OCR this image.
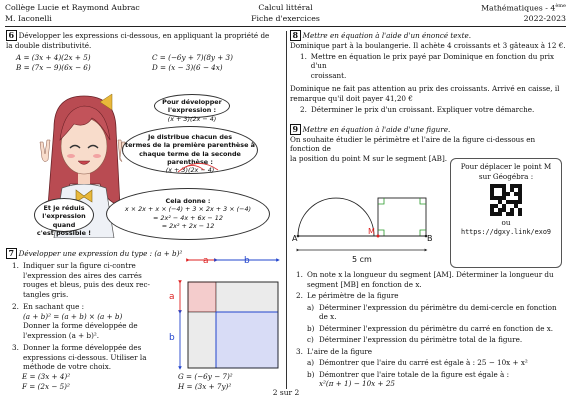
Collège Lucie et Raymond Aubrac
M. Iaconelli
Calcul littéral
Fiche d'exercices
Mathématiques - 4ème
2022-2023
6 Développer les expressions ci-dessous, en appliquant la propriété de la double distributivité.
A = (3x + 4)(2x + 5)	C = (−6y + 7)(8y + 3)
B = (7x − 9)(6x − 6)	D = (x − 3)(6 − 4x)
Pour développer l'expression :
(x + 3)(2x − 4)
Je distribue chacun des
termes de la première parenthèse à
chaque terme de la seconde parenthèse :
(x + 3)(2x − 4)
Et je réduis
l'expression quand
c'est possible !
Cela donne :
x × 2x + x × (−4) + 3 × 2x + 3 × (−4)
= 2x² − 4x + 6x − 12
= 2x² + 2x − 12
7 Développer une expression du type : (a + b)²
1. Indiquer sur la figure ci-contre
l'expression des aires des carrés
rouges et bleus, puis des deux rec-
tangles gris.
2. En sachant que :
(a + b)² = (a + b) × (a + b)
Donner la forme développée de
l'expression (a + b)².
3. Donner la forme développée des
expressions ci-dessous. Utiliser la
méthode de votre choix.
E = (3x + 4)²	G = (−6y − 7)²
F = (2x − 5)²	H = (3x + 7y)²
a	b
a
b
8 Mettre en équation à l'aide d'un énoncé texte.
Dominique part à la boulangerie. Il achète 4 croissants et 3 gâteaux à 12 €.
1. Mettre en équation le prix payé par Dominique en fonction du prix d'un
croissant.
Dominique ne fait pas attention au prix des croissants. Arrivé en caisse, il
remarque qu'il doit payer 41,20 €
2. Déterminer le prix d'un croissant. Expliquer votre démarche.
9 Mettre en équation à l'aide d'une figure.
On souhaite étudier le périmètre et l'aire de la figure ci-dessous en fonction de
la position du point M sur le segment [AB].
A
M
B
5 cm
Pour déplacer le point M
sur Géogébra :
ou
https://dgxy.link/exo9
1. On note x la longueur du segment [AM]. Déterminer la longueur du
segment [MB] en fonction de x.
2. Le périmètre de la figure
a) Déterminer l'expression du périmètre du demi-cercle en fonction
de x.
b) Déterminer l'expression du périmètre du carré en fonction de x.
c) Déterminer l'expression du périmètre total de la figure.
3. L'aire de la figure
a) Démontrer que l'aire du carré est égale à : 25 − 10x + x²
b) Démontrer que l'aire totale de la figure est égale à :
x²(π + 1) − 10x + 25
2 sur 2
